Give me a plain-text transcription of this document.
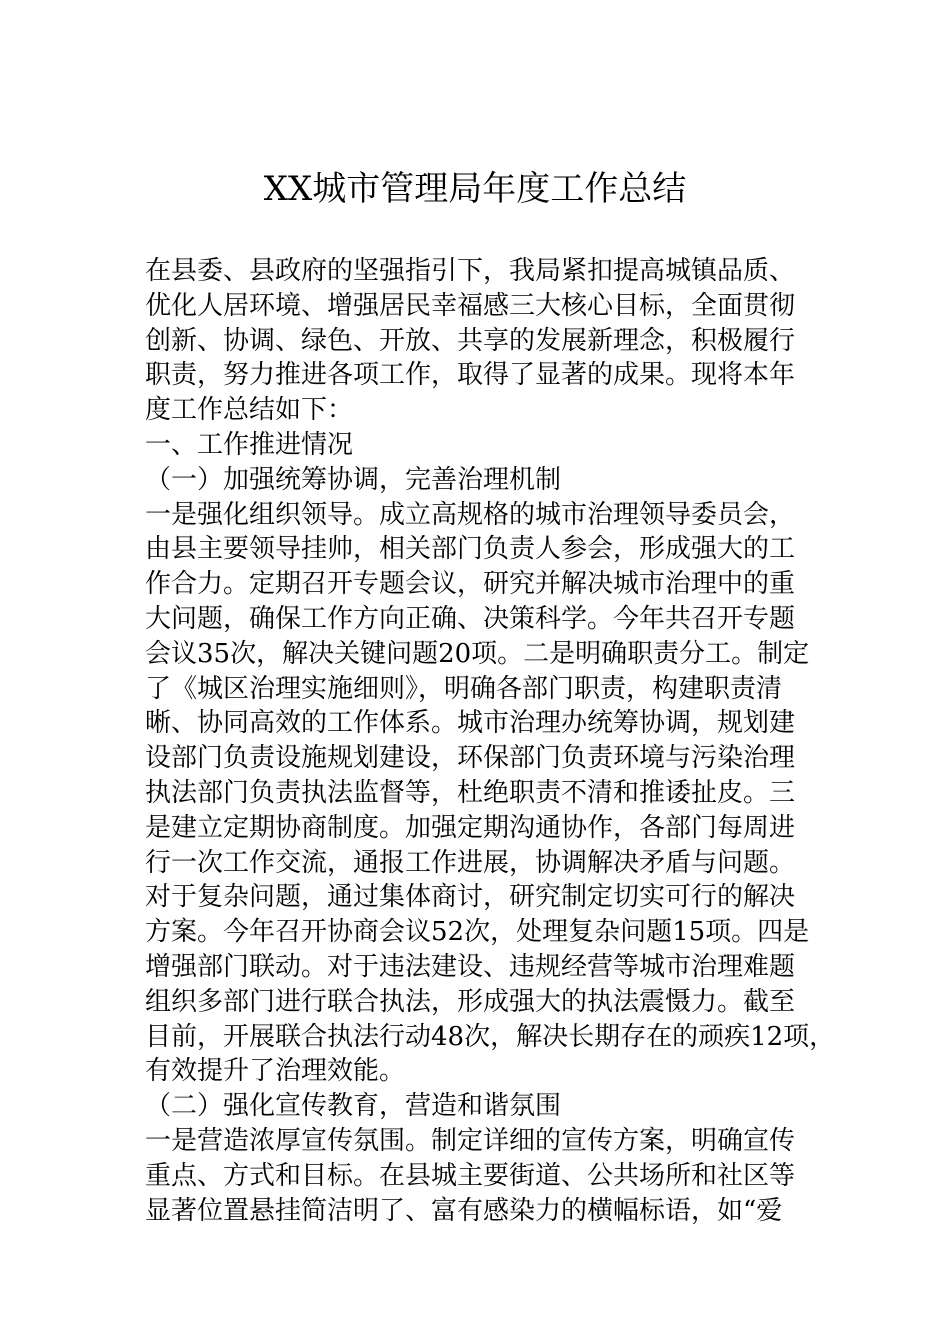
XX城市管理局年度工作总结
在县委、县政府的坚强指引下，我局紧扣提高城镇品质、
优化人居环境、增强居民幸福感三大核心目标，全面贯彻
创新、协调、绿色、开放、共享的发展新理念，积极履行
职责，努力推进各项工作，取得了显著的成果。现将本年
度工作总结如下：
一、工作推进情况
（一）加强统筹协调，完善治理机制
一是强化组织领导。成立高规格的城市治理领导委员会，
由县主要领导挂帅，相关部门负责人参会，形成强大的工
作合力。定期召开专题会议，研究并解决城市治理中的重
大问题，确保工作方向正确、决策科学。今年共召开专题
会议35次，解决关键问题20项。二是明确职责分工。制定
了《城区治理实施细则》，明确各部门职责，构建职责清
晰、协同高效的工作体系。城市治理办统筹协调，规划建
设部门负责设施规划建设，环保部门负责环境与污染治理
执法部门负责执法监督等，杜绝职责不清和推诿扯皮。三
是建立定期协商制度。加强定期沟通协作，各部门每周进
行一次工作交流，通报工作进展，协调解决矛盾与问题。
对于复杂问题，通过集体商讨，研究制定切实可行的解决
方案。今年召开协商会议52次，处理复杂问题15项。四是
增强部门联动。对于违法建设、违规经营等城市治理难题
组织多部门进行联合执法，形成强大的执法震慑力。截至
目前，开展联合执法行动48次，解决长期存在的顽疾12项，
有效提升了治理效能。
（二）强化宣传教育，营造和谐氛围
一是营造浓厚宣传氛围。制定详细的宣传方案，明确宣传
重点、方式和目标。在县城主要街道、公共场所和社区等
显著位置悬挂简洁明了、富有感染力的横幅标语，如“爱
